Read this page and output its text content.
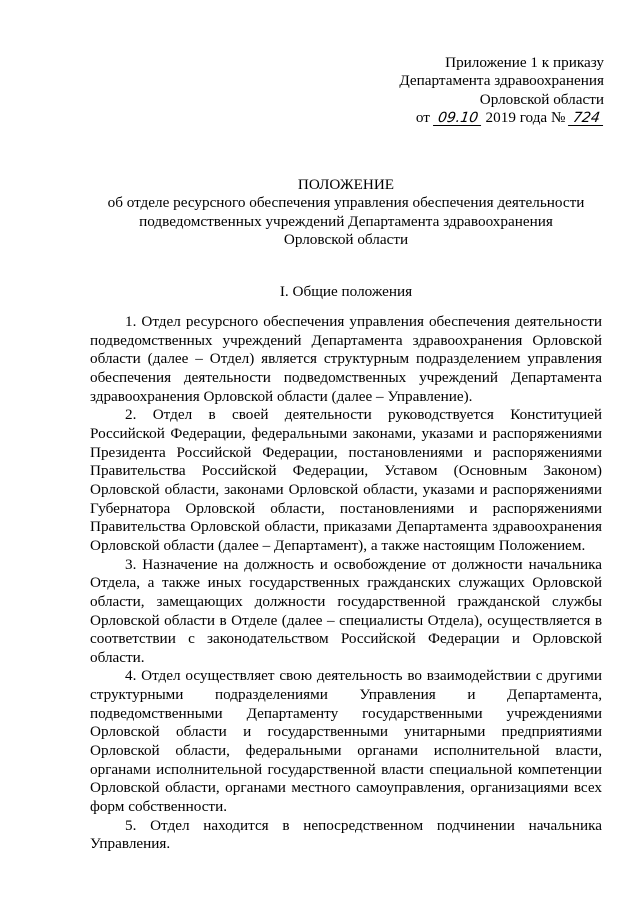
Приложение 1 к приказу
Департамента здравоохранения
Орловской области
от 09.10 2019 года № 724
ПОЛОЖЕНИЕ
об отделе ресурсного обеспечения управления обеспечения деятельности
подведомственных учреждений Департамента здравоохранения
Орловской области
I. Общие положения

1. Отдел ресурсного обеспечения управления обеспечения деятельности подведомственных учреждений Департамента здравоохранения Орловской области (далее – Отдел) является структурным подразделением управления обеспечения деятельности подведомственных учреждений Департамента здравоохранения Орловской области (далее – Управление).

2. Отдел в своей деятельности руководствуется Конституцией Российской Федерации, федеральными законами, указами и распоряжениями Президента Российской Федерации, постановлениями и распоряжениями Правительства Российской Федерации, Уставом (Основным Законом) Орловской области, законами Орловской области, указами и распоряжениями Губернатора Орловской области, постановлениями и распоряжениями Правительства Орловской области, приказами Департамента здравоохранения Орловской области (далее – Департамент), а также настоящим Положением.

3. Назначение на должность и освобождение от должности начальника Отдела, а также иных государственных гражданских служащих Орловской области, замещающих должности государственной гражданской службы Орловской области в Отделе (далее – специалисты Отдела), осуществляется в соответствии с законодательством Российской Федерации и Орловской области.

4. Отдел осуществляет свою деятельность во взаимодействии с другими структурными подразделениями Управления и Департамента, подведомственными Департаменту государственными учреждениями Орловской области и государственными унитарными предприятиями Орловской области, федеральными органами исполнительной власти, органами исполнительной государственной власти специальной компетенции Орловской области, органами местного самоуправления, организациями всех форм собственности.

5. Отдел находится в непосредственном подчинении начальника Управления.
